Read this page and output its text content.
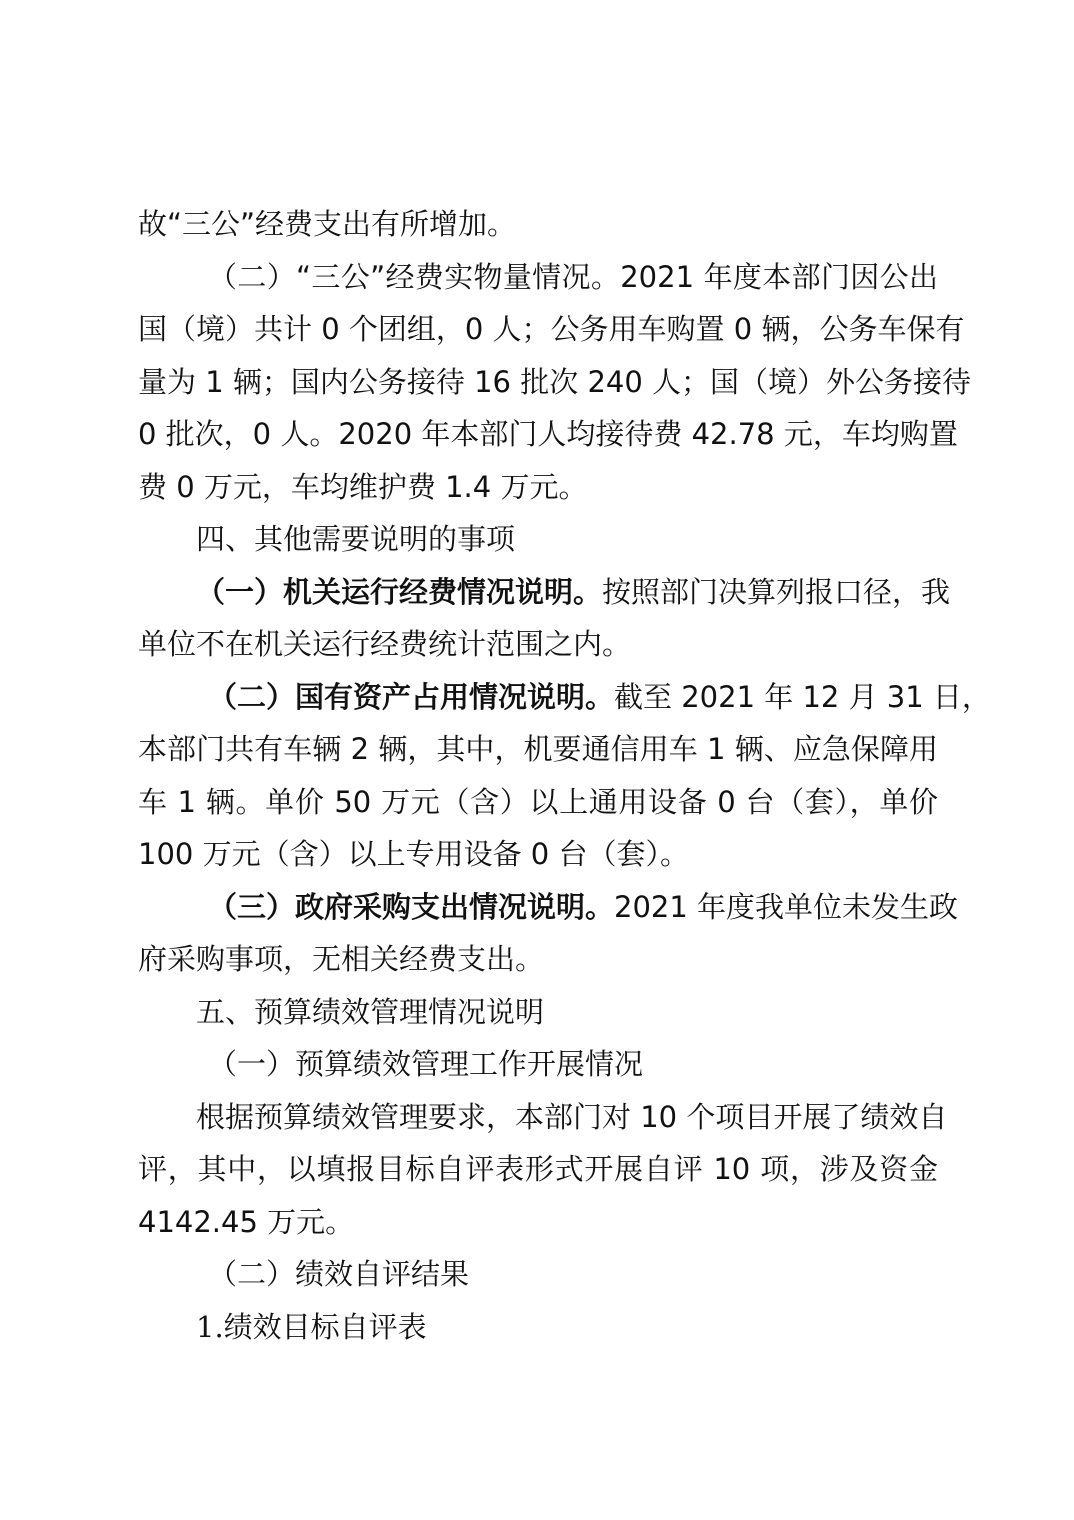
故“三公”经费支出有所增加。
（二）“三公”经费实物量情况。2021 年度本部门因公出
国（境）共计 0 个团组，0 人；公务用车购置 0 辆，公务车保有
量为 1 辆；国内公务接待 16 批次 240 人；国（境）外公务接待
0 批次，0 人。2020 年本部门人均接待费 42.78 元，车均购置
费 0 万元，车均维护费 1.4 万元。
四、其他需要说明的事项
（一）机关运行经费情况说明。按照部门决算列报口径，我
单位不在机关运行经费统计范围之内。
（二）国有资产占用情况说明。截至 2021 年 12 月 31 日，
本部门共有车辆 2 辆，其中，机要通信用车 1 辆、应急保障用
车 1 辆。单价 50 万元（含）以上通用设备 0 台（套），单价
100 万元（含）以上专用设备 0 台（套）。
（三）政府采购支出情况说明。2021 年度我单位未发生政
府采购事项，无相关经费支出。
五、预算绩效管理情况说明
（一）预算绩效管理工作开展情况
根据预算绩效管理要求，本部门对 10 个项目开展了绩效自
评，其中，以填报目标自评表形式开展自评 10 项，涉及资金
4142.45 万元。
（二）绩效自评结果
1.绩效目标自评表
